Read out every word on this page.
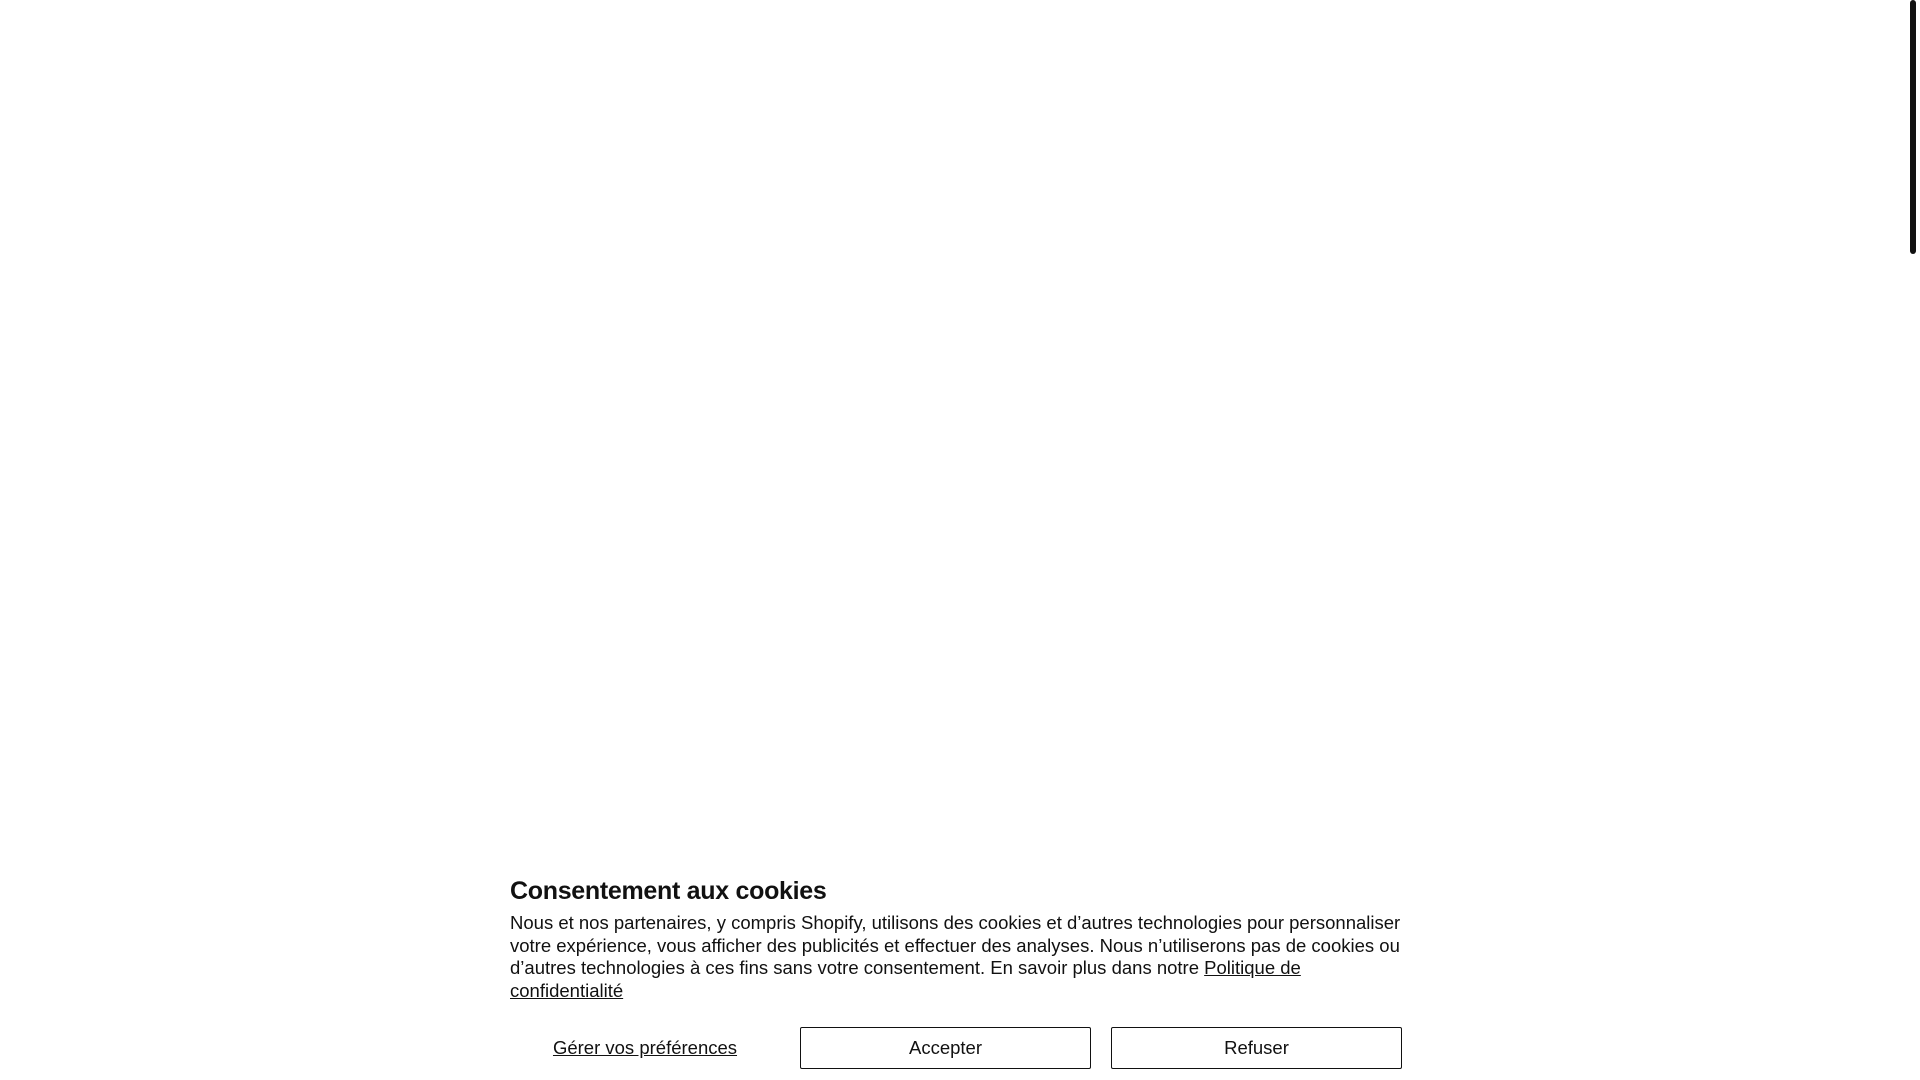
Consentement aux cookies

Nous et nos partenaires, y compris Shopify, utilisons des cookies et d’autres technologies pour personnaliser votre expérience, vous afficher des publicités et effectuer des analyses. Nous n’utiliserons pas de cookies ou d’autres technologies à ces fins sans votre consentement. En savoir plus dans notre Politique de confidentialité

Gérer vos préférences	Accepter	Refuser
